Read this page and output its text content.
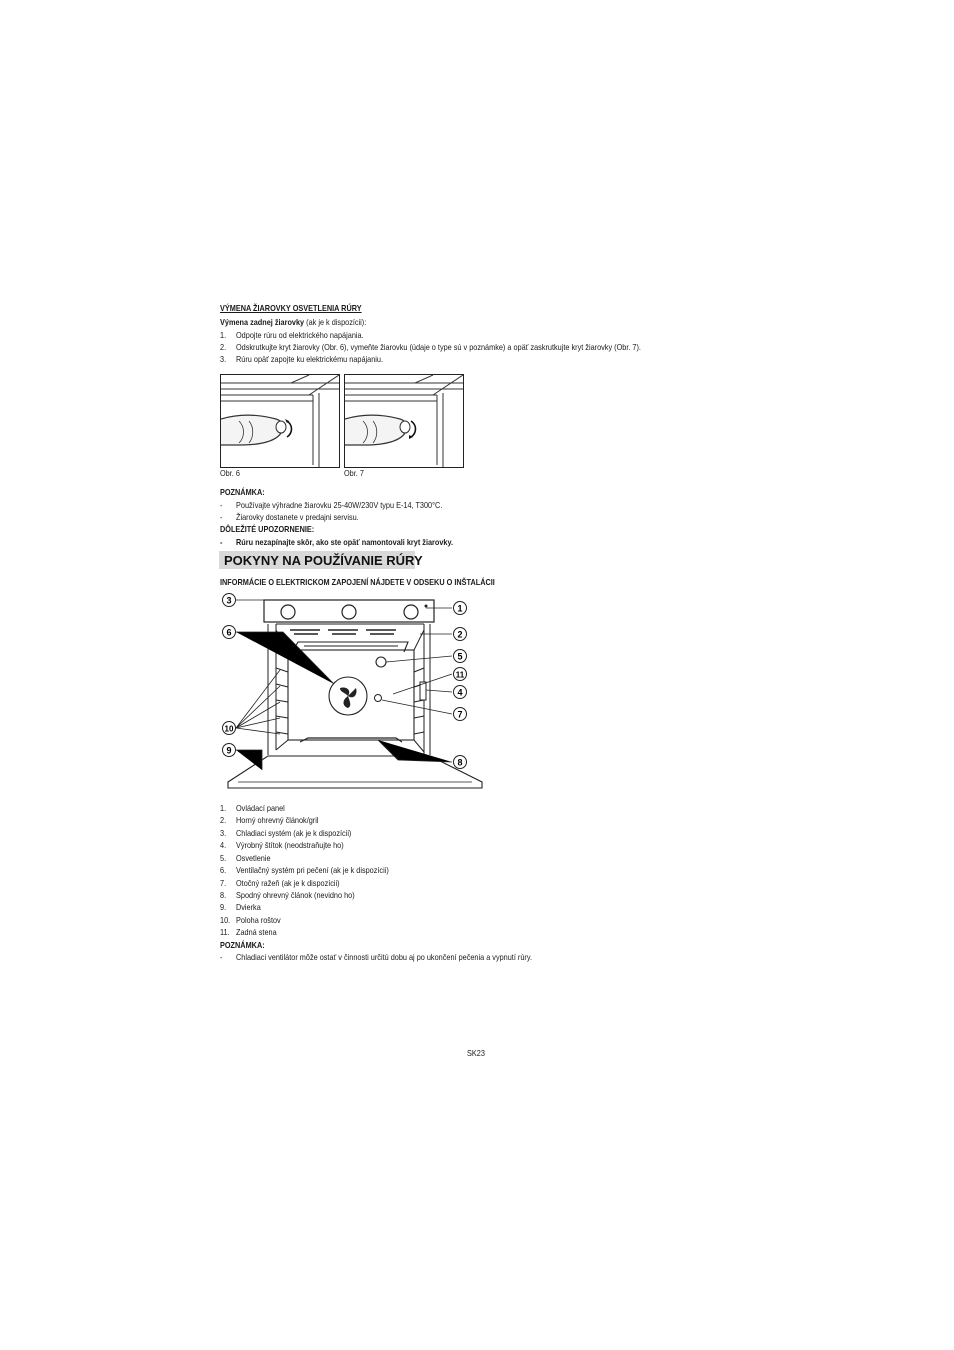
VÝMENA ŽIAROVKY OSVETLENIA RÚRY
Výmena zadnej žiarovky (ak je k dispozícii):
1. Odpojte rúru od elektrického napájania.
2. Odskrutkujte kryt žiarovky (Obr. 6), vymeňte žiarovku (údaje o type sú v poznámke) a opäť zaskrutkujte kryt žiarovky (Obr. 7).
3. Rúru opäť zapojte ku elektrickému napájaniu.
Obr. 6	Obr. 7
POZNÁMKA:
- Používajte výhradne žiarovku 25-40W/230V typu E-14, T300°C.
- Žiarovky dostanete v predajni servisu.
DÔLEŽITÉ UPOZORNENIE:
- Rúru nezapínajte skôr, ako ste opäť namontovali kryt žiarovky.
POKYNY NA POUŽÍVANIE RÚRY
INFORMÁCIE O ELEKTRICKOM ZAPOJENÍ NÁJDETE V ODSEKU O INŠTALÁCII
3
6
10
9
1
2
5
11
4
7
8
1. Ovládací panel
2. Horný ohrevný článok/gril
3. Chladiaci systém (ak je k dispozícii)
4. Výrobný štítok (neodstraňujte ho)
5. Osvetlenie
6. Ventilačný systém pri pečení (ak je k dispozícii)
7. Otočný ražeň (ak je k dispozícii)
8. Spodný ohrevný článok (nevidno ho)
9. Dvierka
10. Poloha roštov
11. Zadná stena
POZNÁMKA:
- Chladiaci ventilátor môže ostať v činnosti určitú dobu aj po ukončení pečenia a vypnutí rúry.
SK23
